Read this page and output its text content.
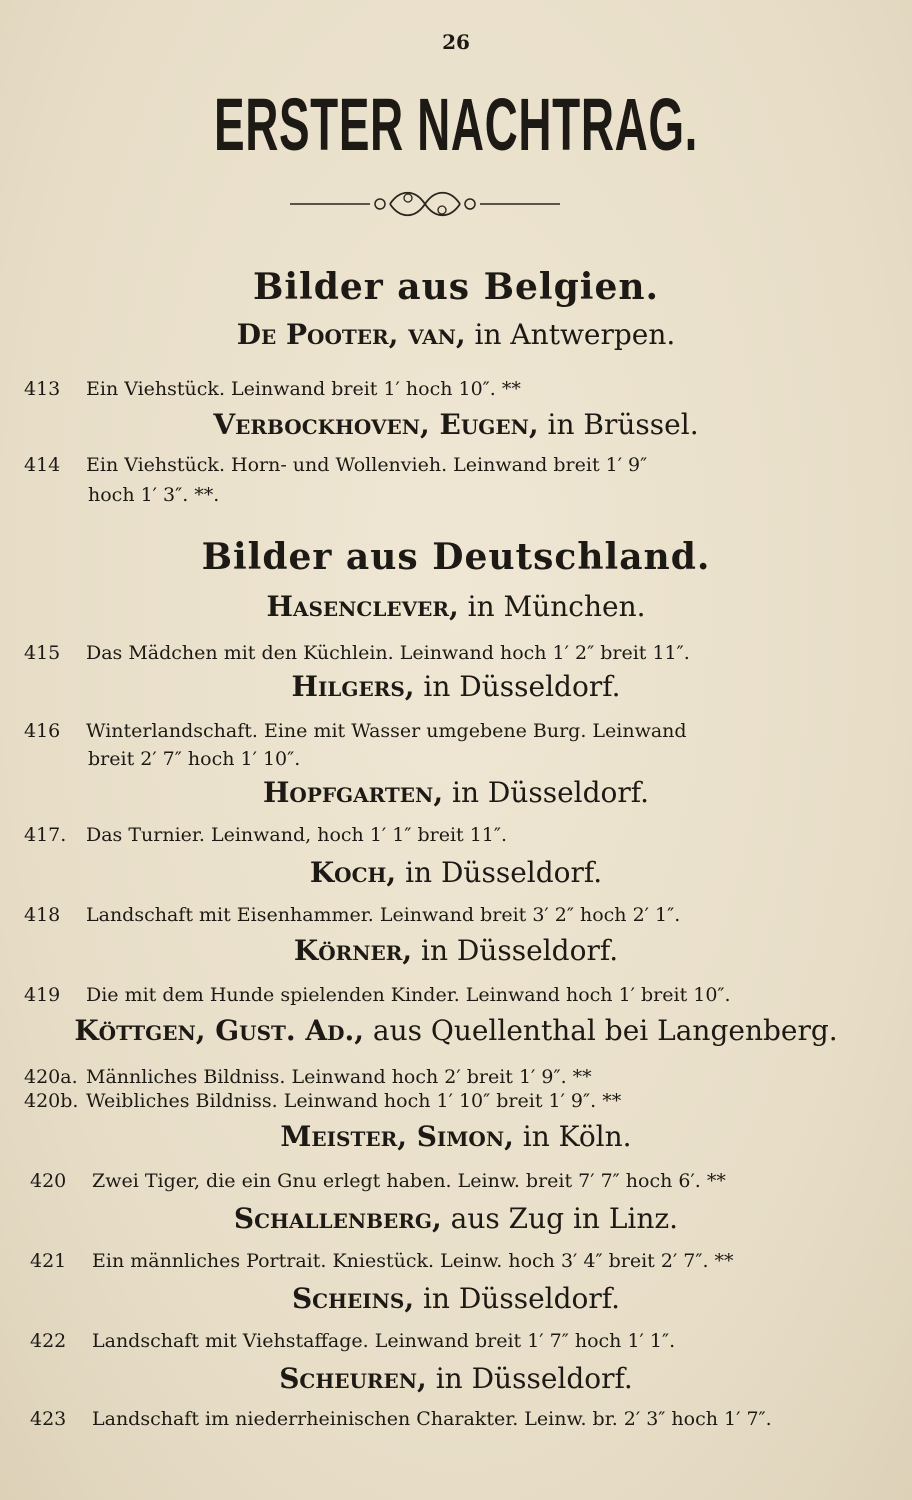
26
ERSTER NACHTRAG.
Bilder aus Belgien.
De Pooter, van, in Antwerpen.
413 Ein Viehstück. Leinwand breit 1′ hoch 10″. **
Verbockhoven, Eugen, in Brüssel.
414 Ein Viehstück. Horn- und Wollenvieh. Leinwand breit 1′ 9″
hoch 1′ 3″. **.
Bilder aus Deutschland.
Hasenclever, in München.
415 Das Mädchen mit den Küchlein. Leinwand hoch 1′ 2″ breit 11″.
Hilgers, in Düsseldorf.
416 Winterlandschaft. Eine mit Wasser umgebene Burg. Leinwand
breit 2′ 7″ hoch 1′ 10″.
Hopfgarten, in Düsseldorf.
417. Das Turnier. Leinwand, hoch 1′ 1″ breit 11″.
Koch, in Düsseldorf.
418 Landschaft mit Eisenhammer. Leinwand breit 3′ 2″ hoch 2′ 1″.
Körner, in Düsseldorf.
419 Die mit dem Hunde spielenden Kinder. Leinwand hoch 1′ breit 10″.
Köttgen, Gust. Ad., aus Quellenthal bei Langenberg.
420a. Männliches Bildniss. Leinwand hoch 2′ breit 1′ 9″. **
420b. Weibliches Bildniss. Leinwand hoch 1′ 10″ breit 1′ 9″. **
Meister, Simon, in Köln.
420 Zwei Tiger, die ein Gnu erlegt haben. Leinw. breit 7′ 7″ hoch 6′. **
Schallenberg, aus Zug in Linz.
421 Ein männliches Portrait. Kniestück. Leinw. hoch 3′ 4″ breit 2′ 7″. **
Scheins, in Düsseldorf.
422 Landschaft mit Viehstaffage. Leinwand breit 1′ 7″ hoch 1′ 1″.
Scheuren, in Düsseldorf.
423 Landschaft im niederrheinischen Charakter. Leinw. br. 2′ 3″ hoch 1′ 7″.
